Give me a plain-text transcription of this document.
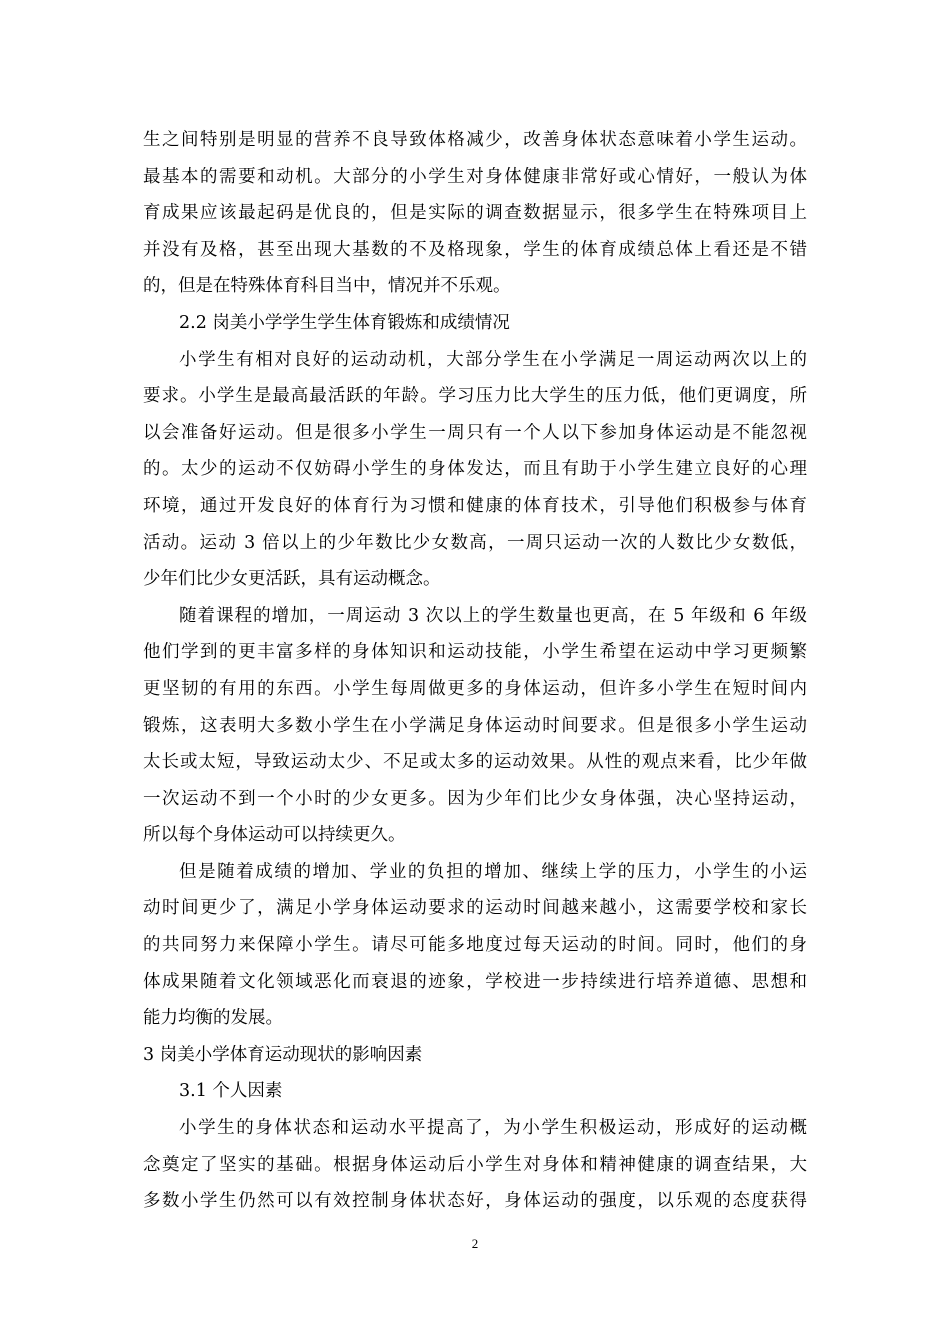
生之间特别是明显的营养不良导致体格减少，改善身体状态意味着小学生运动。
最基本的需要和动机。大部分的小学生对身体健康非常好或心情好，一般认为体
育成果应该最起码是优良的，但是实际的调查数据显示，很多学生在特殊项目上
并没有及格，甚至出现大基数的不及格现象，学生的体育成绩总体上看还是不错
的，但是在特殊体育科目当中，情况并不乐观。
2.2 岗美小学学生学生体育锻炼和成绩情况
小学生有相对良好的运动动机，大部分学生在小学满足一周运动两次以上的
要求。小学生是最高最活跃的年龄。学习压力比大学生的压力低，他们更调度，所
以会准备好运动。但是很多小学生一周只有一个人以下参加身体运动是不能忽视
的。太少的运动不仅妨碍小学生的身体发达，而且有助于小学生建立良好的心理
环境，通过开发良好的体育行为习惯和健康的体育技术，引导他们积极参与体育
活动。运动 3 倍以上的少年数比少女数高，一周只运动一次的人数比少女数低，
少年们比少女更活跃，具有运动概念。
随着课程的增加，一周运动 3 次以上的学生数量也更高，在 5 年级和 6 年级
他们学到的更丰富多样的身体知识和运动技能，小学生希望在运动中学习更频繁
更坚韧的有用的东西。小学生每周做更多的身体运动，但许多小学生在短时间内
锻炼，这表明大多数小学生在小学满足身体运动时间要求。但是很多小学生运动
太长或太短，导致运动太少、不足或太多的运动效果。从性的观点来看，比少年做
一次运动不到一个小时的少女更多。因为少年们比少女身体强，决心坚持运动，
所以每个身体运动可以持续更久。
但是随着成绩的增加、学业的负担的增加、继续上学的压力，小学生的小运
动时间更少了，满足小学身体运动要求的运动时间越来越小，这需要学校和家长
的共同努力来保障小学生。请尽可能多地度过每天运动的时间。同时，他们的身
体成果随着文化领域恶化而衰退的迹象，学校进一步持续进行培养道德、思想和
能力均衡的发展。
3 岗美小学体育运动现状的影响因素
3.1 个人因素
小学生的身体状态和运动水平提高了，为小学生积极运动，形成好的运动概
念奠定了坚实的基础。根据身体运动后小学生对身体和精神健康的调查结果，大
多数小学生仍然可以有效控制身体状态好，身体运动的强度，以乐观的态度获得
2
